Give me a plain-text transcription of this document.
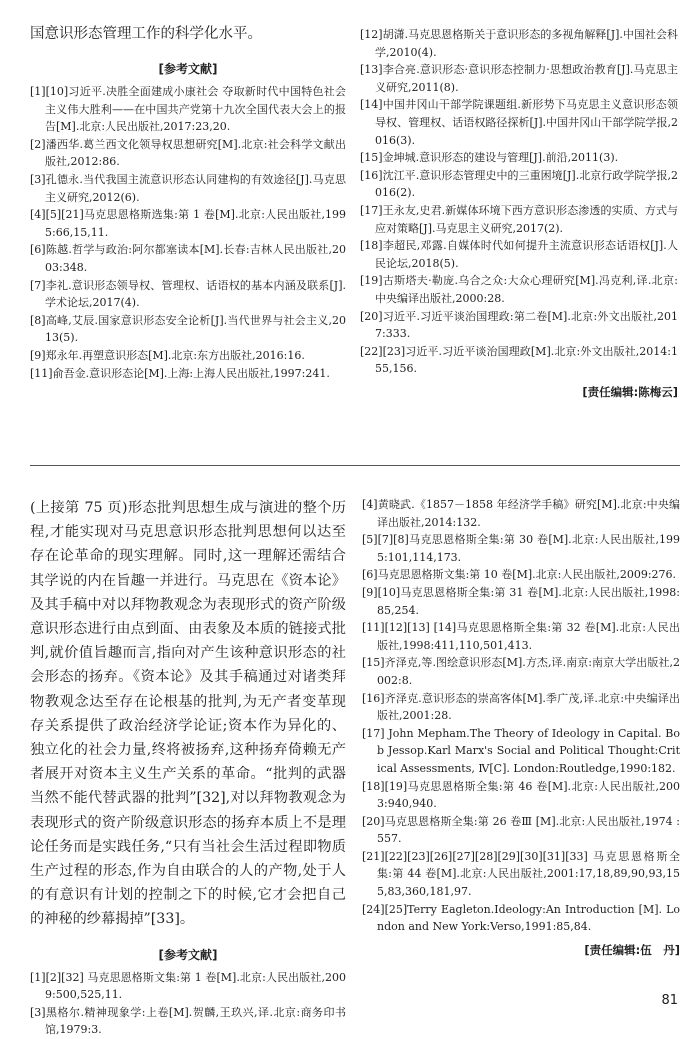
国意识形态管理工作的科学化水平。

[参考文献]
[1][10]习近平.决胜全面建成小康社会 夺取新时代中国特色社会主义伟大胜利——在中国共产党第十九次全国代表大会上的报告[M].北京:人民出版社,2017:23,20.
[2]潘西华.葛兰西文化领导权思想研究[M].北京:社会科学文献出版社,2012:86.
[3]孔德永.当代我国主流意识形态认同建构的有效途径[J].马克思主义研究,2012(6).
[4][5][21]马克思恩格斯选集:第 1 卷[M].北京:人民出版社,1995:66,15,11.
[6]陈越.哲学与政治:阿尔都塞读本[M].长春:吉林人民出版社,2003:348.
[7]李礼.意识形态领导权、管理权、话语权的基本内涵及联系[J].学术论坛,2017(4).
[8]高峰,艾辰.国家意识形态安全论析[J].当代世界与社会主义,2013(5).
[9]郑永年.再塑意识形态[M].北京:东方出版社,2016:16.
[11]俞吾金.意识形态论[M].上海:上海人民出版社,1997:241.
[12]胡潇.马克思恩格斯关于意识形态的多视角解释[J].中国社会科学,2010(4).
[13]李合亮.意识形态·意识形态控制力·思想政治教育[J].马克思主义研究,2011(8).
[14]中国井冈山干部学院课题组.新形势下马克思主义意识形态领导权、管理权、话语权路径探析[J].中国井冈山干部学院学报,2016(3).
[15]金坤城.意识形态的建设与管理[J].前沿,2011(3).
[16]沈江平.意识形态管理史中的三重困境[J].北京行政学院学报,2016(2).
[17]王永友,史君.新媒体环境下西方意识形态渗透的实质、方式与应对策略[J].马克思主义研究,2017(2).
[18]李超民,邓露.自媒体时代如何提升主流意识形态话语权[J].人民论坛,2018(5).
[19]古斯塔夫·勒庞.乌合之众:大众心理研究[M].冯克利,译.北京:中央编译出版社,2000:28.
[20]习近平.习近平谈治国理政:第二卷[M].北京:外文出版社,2017:333.
[22][23]习近平.习近平谈治国理政[M].北京:外文出版社,2014:155,156.
[责任编辑:陈梅云]

(上接第 75 页)形态批判思想生成与演进的整个历程,才能实现对马克思意识形态批判思想何以达至存在论革命的现实理解。同时,这一理解还需结合其学说的内在旨趣一并进行。马克思在《资本论》及其手稿中对以拜物教观念为表现形式的资产阶级意识形态进行由点到面、由表象及本质的链接式批判,就价值旨趣而言,指向对产生该种意识形态的社会形态的扬弃。《资本论》及其手稿通过对诸类拜物教观念达至存在论根基的批判,为无产者变革现存关系提供了政治经济学论证;资本作为异化的、独立化的社会力量,终将被扬弃,这种扬弃倚赖无产者展开对资本主义生产关系的革命。“批判的武器当然不能代替武器的批判”[32],对以拜物教观念为表现形式的资产阶级意识形态的扬弃本质上不是理论任务而是实践任务,“只有当社会生活过程即物质生产过程的形态,作为自由联合的人的产物,处于人的有意识有计划的控制之下的时候,它才会把自己的神秘的纱幕揭掉”[33]。

[参考文献]
[1][2][32] 马克思恩格斯文集:第 1 卷[M].北京:人民出版社,2009:500,525,11.
[3]黑格尔.精神现象学:上卷[M].贺麟,王玖兴,译.北京:商务印书馆,1979:3.
[4]黄晓武.《1857－1858 年经济学手稿》研究[M].北京:中央编译出版社,2014:132.
[5][7][8]马克思恩格斯全集:第 30 卷[M].北京:人民出版社,1995:101,114,173.
[6]马克思恩格斯文集:第 10 卷[M].北京:人民出版社,2009:276.
[9][10]马克思恩格斯全集:第 31 卷[M].北京:人民出版社,1998:85,254.
[11][12][13] [14]马克思恩格斯全集:第 32 卷[M].北京:人民出版社,1998:411,110,501,413.
[15]齐泽克,等.图绘意识形态[M].方杰,译.南京:南京大学出版社,2002:8.
[16]齐泽克.意识形态的崇高客体[M].季广茂,译.北京:中央编译出版社,2001:28.
[17] John Mepham.The Theory of Ideology in Capital. Bob Jessop.Karl Marx's Social and Political Thought:Critical Assessments, Ⅳ[C]. London:Routledge,1990:182.
[18][19]马克思恩格斯全集:第 46 卷[M].北京:人民出版社,2003:940,940.
[20]马克思恩格斯全集:第 26 卷Ⅲ [M].北京:人民出版社,1974 :557.
[21][22][23][26][27][28][29][30][31][33] 马克思恩格斯全集:第 44 卷[M].北京:人民出版社,2001:17,18,89,90,93,155,83,360,181,97.
[24][25]Terry Eagleton.Ideology:An Introduction [M]. London and New York:Verso,1991:85,84.
[责任编辑:伍　丹]
81
